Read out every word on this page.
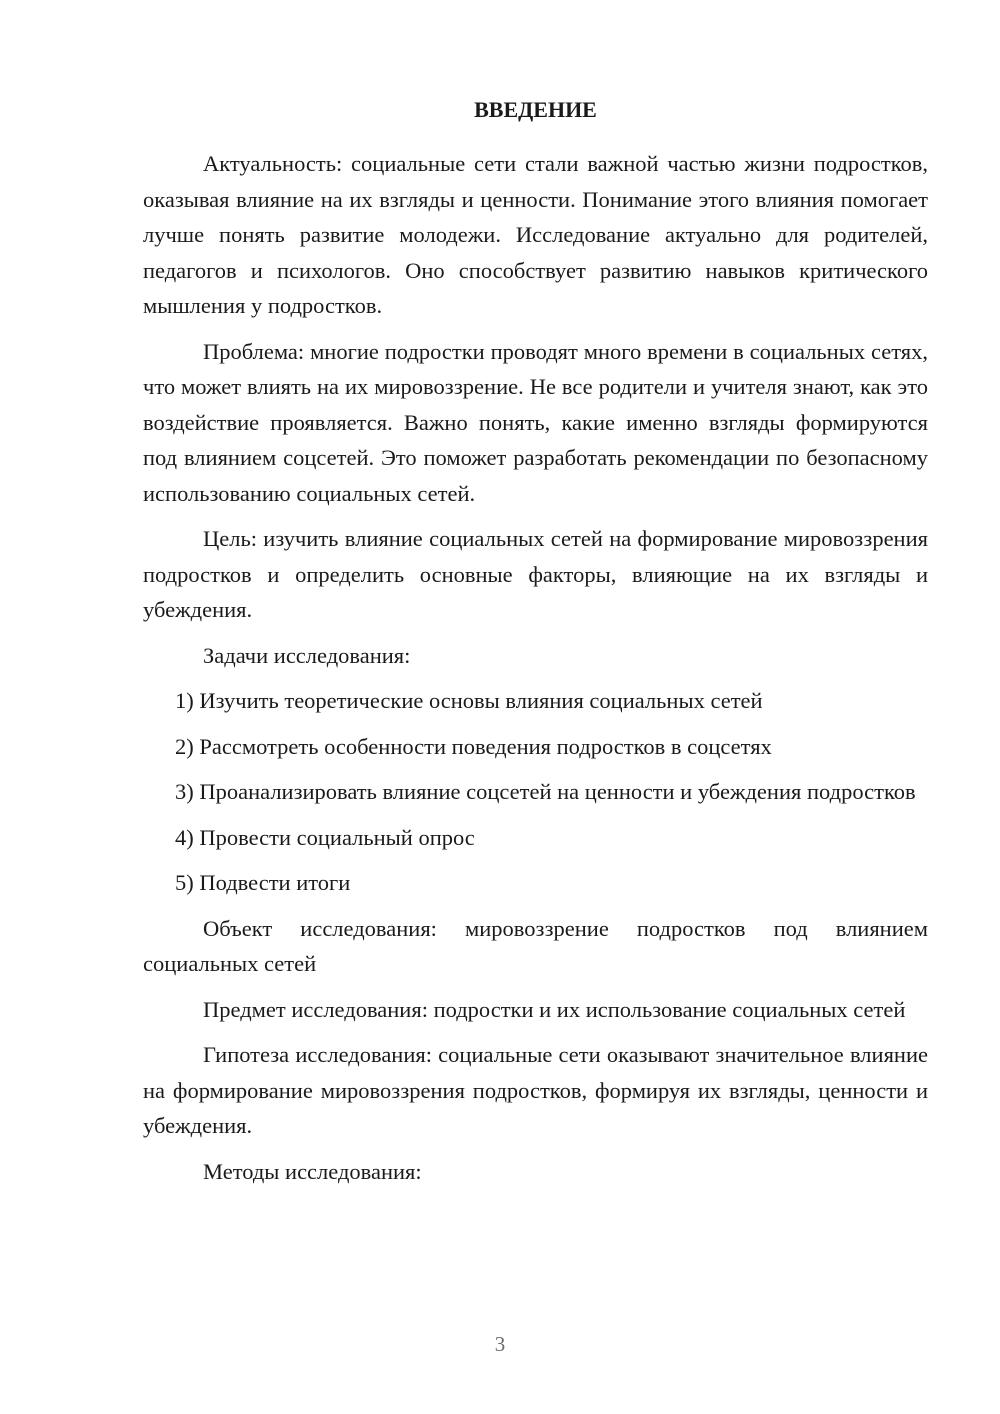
ВВЕДЕНИЕ
Актуальность: социальные сети стали важной частью жизни подростков, оказывая влияние на их взгляды и ценности. Понимание этого влияния помогает лучше понять развитие молодежи. Исследование актуально для родителей, педагогов и психологов. Оно способствует развитию навыков критического мышления у подростков.
Проблема: многие подростки проводят много времени в социальных сетях, что может влиять на их мировоззрение. Не все родители и учителя знают, как это воздействие проявляется. Важно понять, какие именно взгляды формируются под влиянием соцсетей. Это поможет разработать рекомендации по безопасному использованию социальных сетей.
Цель: изучить влияние социальных сетей на формирование мировоззрения подростков и определить основные факторы, влияющие на их взгляды и убеждения.
Задачи исследования:
1) Изучить теоретические основы влияния социальных сетей
2) Рассмотреть особенности поведения подростков в соцсетях
3) Проанализировать влияние соцсетей на ценности и убеждения подростков
4) Провести социальный опрос
5) Подвести итоги
Объект исследования: мировоззрение подростков под влиянием социальных сетей
Предмет исследования: подростки и их использование социальных сетей
Гипотеза исследования: социальные сети оказывают значительное влияние на формирование мировоззрения подростков, формируя их взгляды, ценности и убеждения.
Методы исследования:
3
